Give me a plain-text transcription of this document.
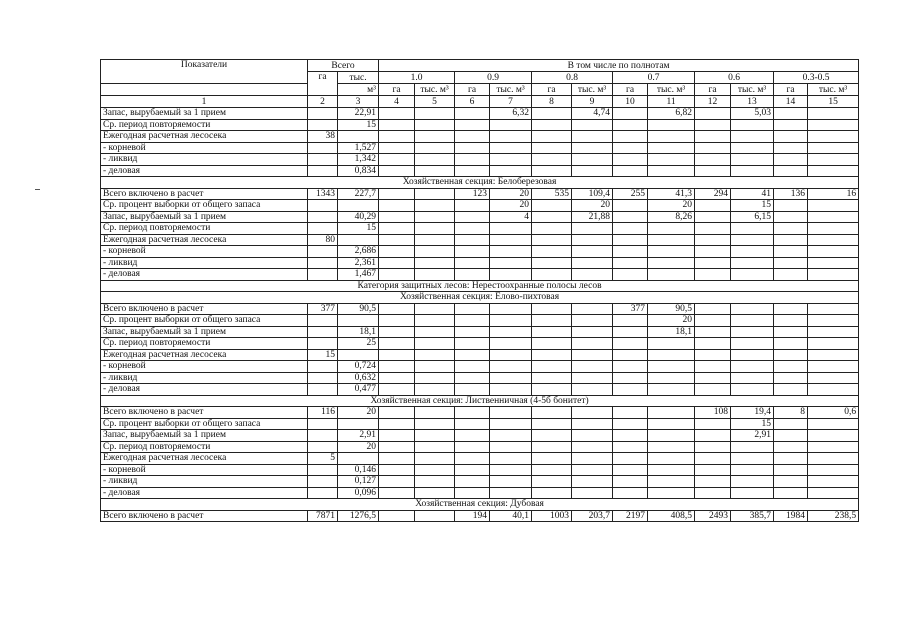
Показатели	Всего		В том числе по полнотам											
	га	тыс.	1.0		0.9		0.8		0.7		0.6		0.3-0.5	
		м³	га	тыс. м³	га	тыс. м³	га	тыс. м³	га	тыс. м³	га	тыс. м³	га	тыс. м³
1	2	3	4	5	6	7	8	9	10	11	12	13	14	15
Запас, вырубаемый за 1 прием		22,91				6,32		4,74		6,82		5,03		
Ср. период повторяемости		15												
Ежегодная расчетная лесосека	38													
- корневой		1,527												
- ликвид		1,342												
- деловая		0,834												
Хозяйственная секция: Белоберезовая														
Всего включено в расчет	1343	227,7			123	20	535	109,4	255	41,3	294	41	136	16
Ср. процент выборки от общего запаса						20		20		20		15		
Запас, вырубаемый за 1 прием		40,29				4		21,88		8,26		6,15		
Ср. период повторяемости		15												
Ежегодная расчетная лесосека	80													
- корневой		2,686												
- ликвид		2,361												
- деловая		1,467												
Категория защитных лесов: Нерестоохранные полосы лесов														
Хозяйственная секция: Елово-пихтовая														
Всего включено в расчет	377	90,5							377	90,5				
Ср. процент выборки от общего запаса										20				
Запас, вырубаемый за 1 прием		18,1								18,1				
Ср. период повторяемости		25												
Ежегодная расчетная лесосека	15													
- корневой		0,724												
- ликвид		0,632												
- деловая		0,477												
Хозяйственная секция: Лиственничная (4-5б бонитет)														
Всего включено в расчет	116	20									108	19,4	8	0,6
Ср. процент выборки от общего запаса												15		
Запас, вырубаемый за 1 прием		2,91										2,91		
Ср. период повторяемости		20												
Ежегодная расчетная лесосека	5													
- корневой		0,146												
- ликвид		0,127												
- деловая		0,096												
Хозяйственная секция: Дубовая														
Всего включено в расчет	7871	1276,5			194	40,1	1003	203,7	2197	408,5	2493	385,7	1984	238,5
